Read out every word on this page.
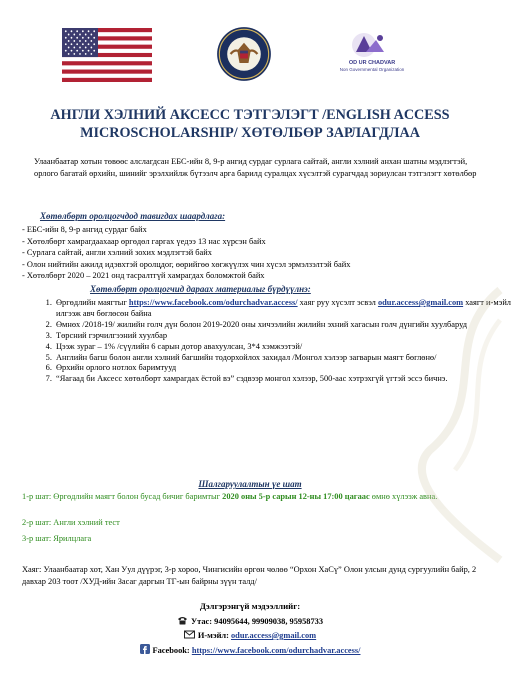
OD UR CHADVAR
Non Governmental Organization
АНГЛИ ХЭЛНИЙ АКСЕСС ТЭТГЭЛЭГТ /ENGLISH ACCESS MICROSCHOLARSHIP/ ХӨТӨЛБӨР ЗАРЛАГДЛАА

Улаанбаатар хотын төвөөс алслагдсан ЕБС-ийн 8, 9-р ангид сурдаг сурлага сайтай, англи хэлний анхан шатны мэдлэгтэй, орлого багатай өрхийн, шинийг эрэлхийлж бүтээлч арга барилд суралцах хүсэлтэй сурагчдад зориулсан тэтгэлэгт хөтөлбөр

Хөтөлбөрт оролцогчдод тавигдах шаардлага:

- ЕБС-ийн 8, 9-р ангид сурдаг байх
- Хөтөлбөрт хамрагдаахаар өргөдөл гаргах үедээ 13 нас хүрсэн байх
- Сурлага сайтай, англи хэлний зохих мэдлэгтэй байх
- Олон нийтийн ажилд идэвхтэй оролцдог, өөрийгөө хөгжүүлэх чин хүсэл эрмэлзэлтэй байх
- Хөтөлбөрт 2020 – 2021 онд тасралтгүй хамрагдах боломжтой байх

Хөтөлбөрт оролцогчид дараах материалыг бүрдүүлнэ:

1. Өргөдлийн маягтыг https://www.facebook.com/odurchadvar.access/ хаяг руу хүсэлт эсвэл odur.access@gmail.com хаягт и-мэйл илгээж авч бөглөсөн байна
2. Өмнөх /2018-19/ жилийн голч дүн болон 2019-2020 оны хичээлийн жилийн эхний хагасын голч дүнгийн хуулбаруд
3. Төрсний гэрчилгээний хуулбар
4. Цээж зураг – 1% /сүүлийн 6 сарын дотор авахуулсан, 3*4 хэмжээтэй/
5. Английн багш болон англи хэлний багшийн тодорхойлох захидал /Монгол хэлээр загварын маягт бөглөнө/
6. Өрхийн орлого нотлох баримтууд
7. “Яагаад би Аксесс хөтөлбөрт хамрагдах ёстой вэ” сэдвээр монгол хэлээр, 500-аас хэтрэхгүй үгтэй эссэ бичнэ.

Шалгаруулалтын үе шат

1-р шат: Өргөдлийн маягт болон бусад бичиг баримтыг 2020 оны 5-р сарын 12-ны 17:00 цагаас өмнө хүлээж авна.

2-р шат: Англи хэлний тест

3-р шат: Ярилцлага

Хаяг: Улаанбаатар хот, Хан Уул дүүрэг, 3-р хороо, Чингисийн өргөн чөлөө “Орхон ХаСү” Олон улсын дунд сургуулийн байр, 2 давхар 203 тоот /ХУД-ийн Засаг даргын ТГ-ын байрны зүүн талд/

Дэлгэрэнгүй мэдээллийг:

Утас: 94095644, 99909038, 95958733

И-мэйл: odur.access@gmail.com

Facebook: https://www.facebook.com/odurchadvar.access/
